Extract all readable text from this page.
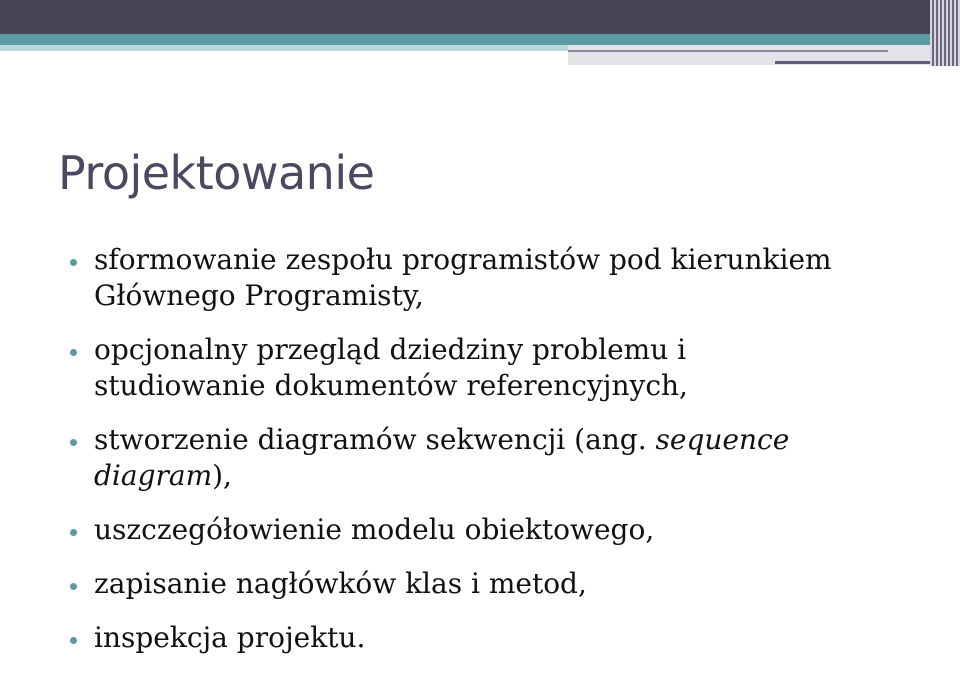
Projektowanie
sformowanie zespołu programistów pod kierunkiem Głównego Programisty,
opcjonalny przegląd dziedziny problemu i studiowanie dokumentów referencyjnych,
stworzenie diagramów sekwencji (ang. sequence diagram),
uszczegółowienie modelu obiektowego,
zapisanie nagłówków klas i metod,
inspekcja projektu.
